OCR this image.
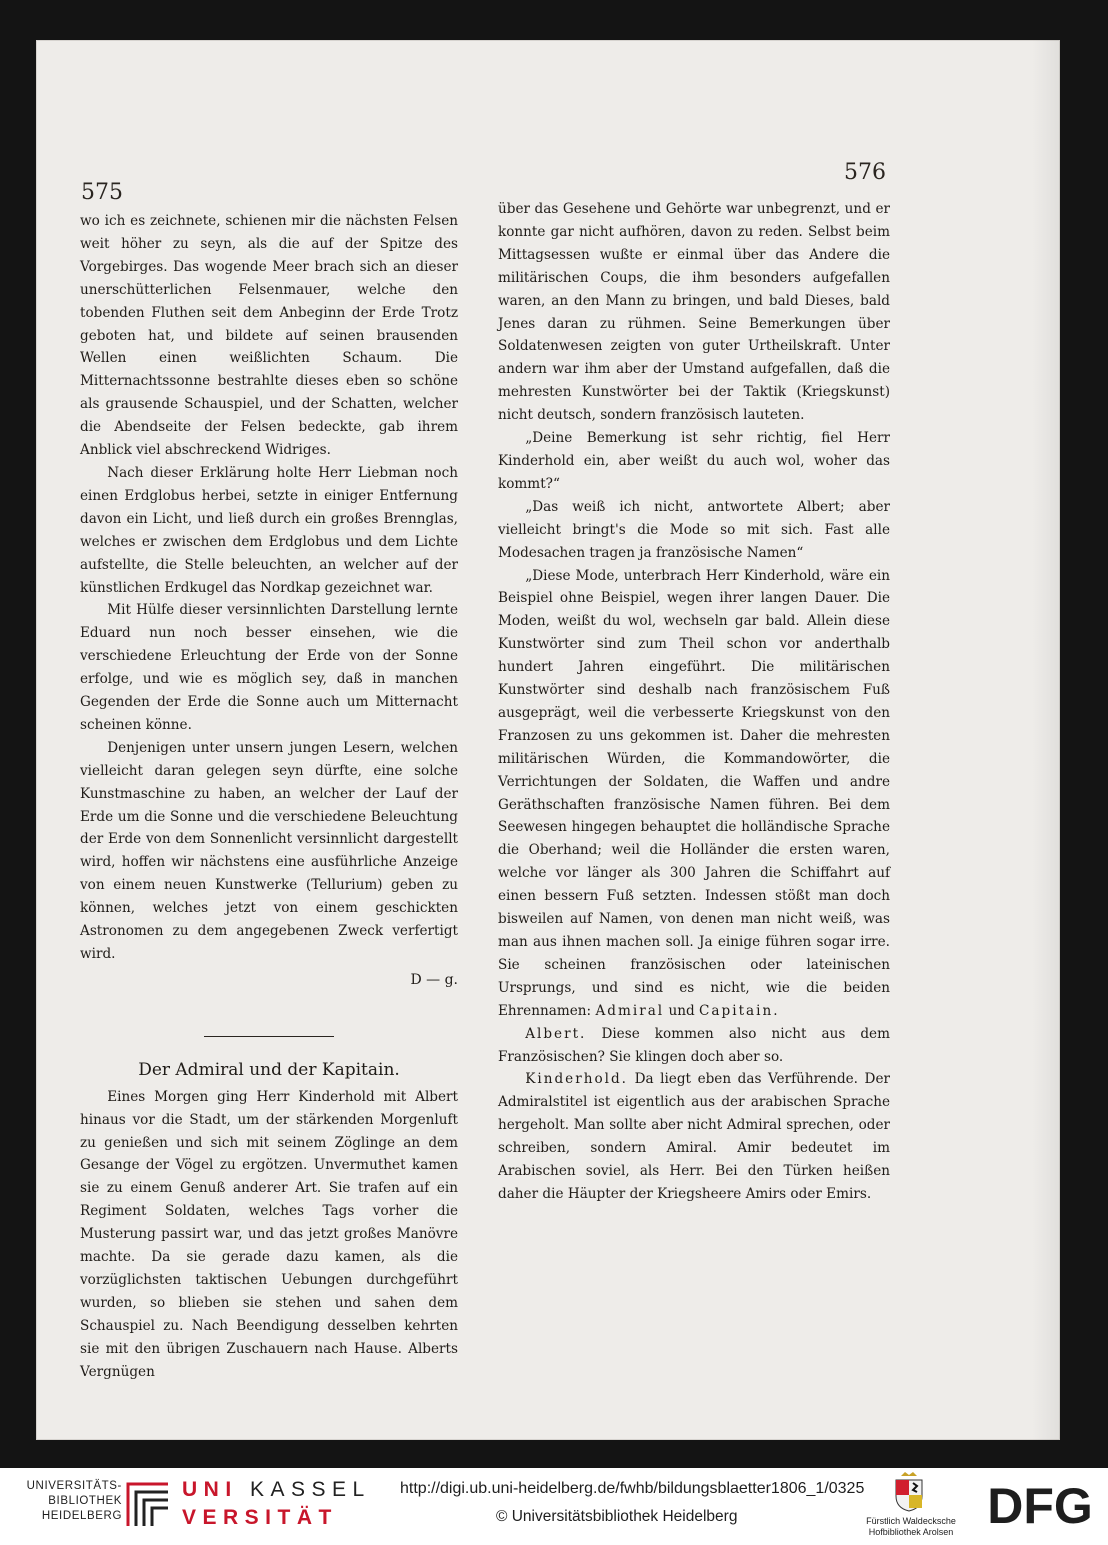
575
576

wo ich es zeichnete, schienen mir die nächsten Felsen weit höher zu seyn, als die auf der Spitze des Vorgebirges. Das wogende Meer brach sich an dieser unerschütterlichen Felsenmauer, welche den tobenden Fluthen seit dem Anbeginn der Erde Trotz geboten hat, und bildete auf seinen brausenden Wellen einen weißlichten Schaum. Die Mitternachtssonne bestrahlte dieses eben so schöne als grausende Schauspiel, und der Schatten, welcher die Abendseite der Felsen bedeckte, gab ihrem Anblick viel abschreckend Widriges.

Nach dieser Erklärung holte Herr Liebman noch einen Erdglobus herbei, setzte in einiger Entfernung davon ein Licht, und ließ durch ein großes Brennglas, welches er zwischen dem Erdglobus und dem Lichte aufstellte, die Stelle beleuchten, an welcher auf der künstlichen Erdkugel das Nordkap gezeichnet war.

Mit Hülfe dieser versinnlichten Darstellung lernte Eduard nun noch besser einsehen, wie die verschiedene Erleuchtung der Erde von der Sonne erfolge, und wie es möglich sey, daß in manchen Gegenden der Erde die Sonne auch um Mitternacht scheinen könne.

Denjenigen unter unsern jungen Lesern, welchen vielleicht daran gelegen seyn dürfte, eine solche Kunstmaschine zu haben, an welcher der Lauf der Erde um die Sonne und die verschiedene Beleuchtung der Erde von dem Sonnenlicht versinnlicht dargestellt wird, hoffen wir nächstens eine ausführliche Anzeige von einem neuen Kunstwerke (Tellurium) geben zu können, welches jetzt von einem geschickten Astronomen zu dem angegebenen Zweck verfertigt wird.

D — g.
Der Admiral und der Kapitain.

Eines Morgen ging Herr Kinderhold mit Albert hinaus vor die Stadt, um der stärkenden Morgenluft zu genießen und sich mit seinem Zöglinge an dem Gesange der Vögel zu ergötzen. Unvermuthet kamen sie zu einem Genuß anderer Art. Sie trafen auf ein Regiment Soldaten, welches Tags vorher die Musterung passirt war, und das jetzt großes Manövre machte. Da sie gerade dazu kamen, als die vorzüglichsten taktischen Uebungen durchgeführt wurden, so blieben sie stehen und sahen dem Schauspiel zu. Nach Beendigung desselben kehrten sie mit den übrigen Zuschauern nach Hause. Alberts Vergnügen

über das Gesehene und Gehörte war unbegrenzt, und er konnte gar nicht aufhören, davon zu reden. Selbst beim Mittagsessen wußte er einmal über das Andere die militärischen Coups, die ihm besonders aufgefallen waren, an den Mann zu bringen, und bald Dieses, bald Jenes daran zu rühmen. Seine Bemerkungen über Soldatenwesen zeigten von guter Urtheilskraft. Unter andern war ihm aber der Umstand aufgefallen, daß die mehresten Kunstwörter bei der Taktik (Kriegskunst) nicht deutsch, sondern französisch lauteten.

„Deine Bemerkung ist sehr richtig, fiel Herr Kinderhold ein, aber weißt du auch wol, woher das kommt?“

„Das weiß ich nicht, antwortete Albert; aber vielleicht bringt's die Mode so mit sich. Fast alle Modesachen tragen ja französische Namen“

„Diese Mode, unterbrach Herr Kinderhold, wäre ein Beispiel ohne Beispiel, wegen ihrer langen Dauer. Die Moden, weißt du wol, wechseln gar bald. Allein diese Kunstwörter sind zum Theil schon vor anderthalb hundert Jahren eingeführt. Die militärischen Kunstwörter sind deshalb nach französischem Fuß ausgeprägt, weil die verbesserte Kriegskunst von den Franzosen zu uns gekommen ist. Daher die mehresten militärischen Würden, die Kommandowörter, die Verrichtungen der Soldaten, die Waffen und andre Geräthschaften französische Namen führen. Bei dem Seewesen hingegen behauptet die holländische Sprache die Oberhand; weil die Holländer die ersten waren, welche vor länger als 300 Jahren die Schiffahrt auf einen bessern Fuß setzten. Indessen stößt man doch bisweilen auf Namen, von denen man nicht weiß, was man aus ihnen machen soll. Ja einige führen sogar irre. Sie scheinen französischen oder lateinischen Ursprungs, und sind es nicht, wie die beiden Ehrennamen: Admiral und Capitain.

Albert. Diese kommen also nicht aus dem Französischen? Sie klingen doch aber so.

Kinderhold. Da liegt eben das Verführende. Der Admiralstitel ist eigentlich aus der arabischen Sprache hergeholt. Man sollte aber nicht Admiral sprechen, oder schreiben, sondern Amiral. Amir bedeutet im Arabischen soviel, als Herr. Bei den Türken heißen daher die Häupter der Kriegsheere Amirs oder Emirs.

UNIVERSITÄTS-
BIBLIOTHEK
HEIDELBERG
UNI KASSEL
VERSITÄT
http://digi.ub.uni-heidelberg.de/fwhb/bildungsblaetter1806_1/0325
© Universitätsbibliothek Heidelberg	Fürstlich Waldecksche
Hofbibliothek Arolsen DFG
